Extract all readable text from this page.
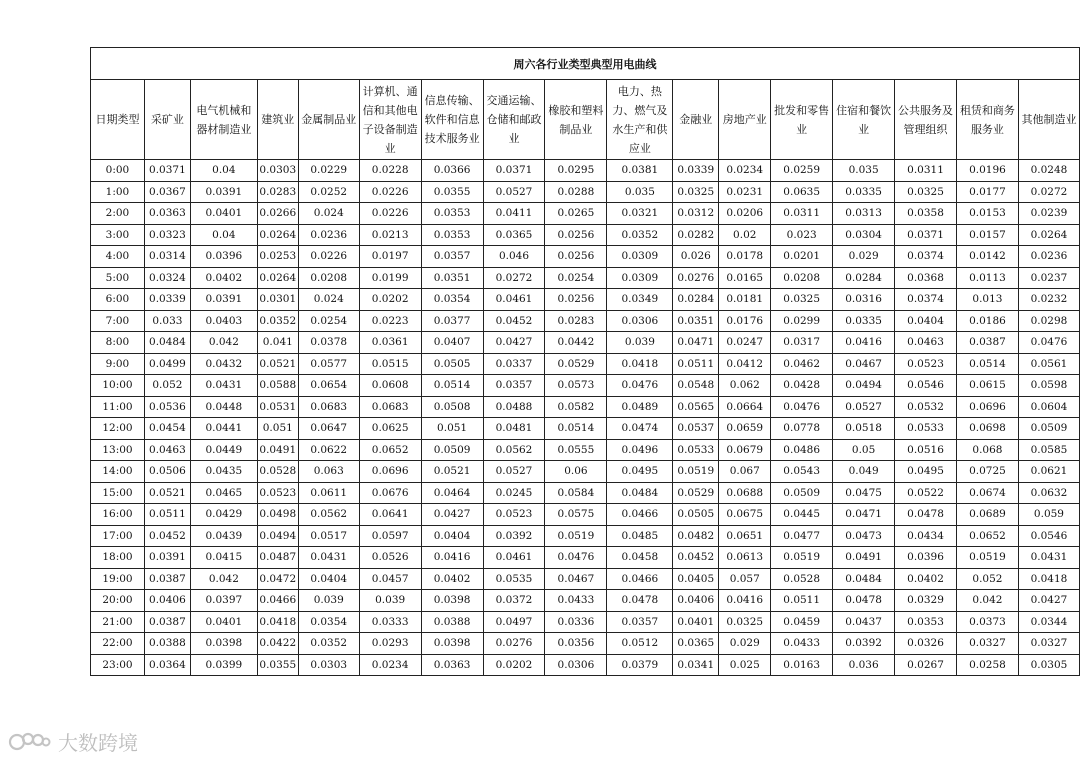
周六各行业类型典型用电曲线																
日期类型	采矿业	电气机械和器材制造业	建筑业	金属制品业	计算机、通信和其他电子设备制造业	信息传输、软件和信息技术服务业	交通运输、仓储和邮政业	橡胶和塑料制品业	电力、热力、燃气及水生产和供应业	金融业	房地产业	批发和零售业	住宿和餐饮业	公共服务及管理组织	租赁和商务服务业	其他制造业
0:00	0.0371	0.04	0.0303	0.0229	0.0228	0.0366	0.0371	0.0295	0.0381	0.0339	0.0234	0.0259	0.035	0.0311	0.0196	0.0248
1:00	0.0367	0.0391	0.0283	0.0252	0.0226	0.0355	0.0527	0.0288	0.035	0.0325	0.0231	0.0635	0.0335	0.0325	0.0177	0.0272
2:00	0.0363	0.0401	0.0266	0.024	0.0226	0.0353	0.0411	0.0265	0.0321	0.0312	0.0206	0.0311	0.0313	0.0358	0.0153	0.0239
3:00	0.0323	0.04	0.0264	0.0236	0.0213	0.0353	0.0365	0.0256	0.0352	0.0282	0.02	0.023	0.0304	0.0371	0.0157	0.0264
4:00	0.0314	0.0396	0.0253	0.0226	0.0197	0.0357	0.046	0.0256	0.0309	0.026	0.0178	0.0201	0.029	0.0374	0.0142	0.0236
5:00	0.0324	0.0402	0.0264	0.0208	0.0199	0.0351	0.0272	0.0254	0.0309	0.0276	0.0165	0.0208	0.0284	0.0368	0.0113	0.0237
6:00	0.0339	0.0391	0.0301	0.024	0.0202	0.0354	0.0461	0.0256	0.0349	0.0284	0.0181	0.0325	0.0316	0.0374	0.013	0.0232
7:00	0.033	0.0403	0.0352	0.0254	0.0223	0.0377	0.0452	0.0283	0.0306	0.0351	0.0176	0.0299	0.0335	0.0404	0.0186	0.0298
8:00	0.0484	0.042	0.041	0.0378	0.0361	0.0407	0.0427	0.0442	0.039	0.0471	0.0247	0.0317	0.0416	0.0463	0.0387	0.0476
9:00	0.0499	0.0432	0.0521	0.0577	0.0515	0.0505	0.0337	0.0529	0.0418	0.0511	0.0412	0.0462	0.0467	0.0523	0.0514	0.0561
10:00	0.052	0.0431	0.0588	0.0654	0.0608	0.0514	0.0357	0.0573	0.0476	0.0548	0.062	0.0428	0.0494	0.0546	0.0615	0.0598
11:00	0.0536	0.0448	0.0531	0.0683	0.0683	0.0508	0.0488	0.0582	0.0489	0.0565	0.0664	0.0476	0.0527	0.0532	0.0696	0.0604
12:00	0.0454	0.0441	0.051	0.0647	0.0625	0.051	0.0481	0.0514	0.0474	0.0537	0.0659	0.0778	0.0518	0.0533	0.0698	0.0509
13:00	0.0463	0.0449	0.0491	0.0622	0.0652	0.0509	0.0562	0.0555	0.0496	0.0533	0.0679	0.0486	0.05	0.0516	0.068	0.0585
14:00	0.0506	0.0435	0.0528	0.063	0.0696	0.0521	0.0527	0.06	0.0495	0.0519	0.067	0.0543	0.049	0.0495	0.0725	0.0621
15:00	0.0521	0.0465	0.0523	0.0611	0.0676	0.0464	0.0245	0.0584	0.0484	0.0529	0.0688	0.0509	0.0475	0.0522	0.0674	0.0632
16:00	0.0511	0.0429	0.0498	0.0562	0.0641	0.0427	0.0523	0.0575	0.0466	0.0505	0.0675	0.0445	0.0471	0.0478	0.0689	0.059
17:00	0.0452	0.0439	0.0494	0.0517	0.0597	0.0404	0.0392	0.0519	0.0485	0.0482	0.0651	0.0477	0.0473	0.0434	0.0652	0.0546
18:00	0.0391	0.0415	0.0487	0.0431	0.0526	0.0416	0.0461	0.0476	0.0458	0.0452	0.0613	0.0519	0.0491	0.0396	0.0519	0.0431
19:00	0.0387	0.042	0.0472	0.0404	0.0457	0.0402	0.0535	0.0467	0.0466	0.0405	0.057	0.0528	0.0484	0.0402	0.052	0.0418
20:00	0.0406	0.0397	0.0466	0.039	0.039	0.0398	0.0372	0.0433	0.0478	0.0406	0.0416	0.0511	0.0478	0.0329	0.042	0.0427
21:00	0.0387	0.0401	0.0418	0.0354	0.0333	0.0388	0.0497	0.0336	0.0357	0.0401	0.0325	0.0459	0.0437	0.0353	0.0373	0.0344
22:00	0.0388	0.0398	0.0422	0.0352	0.0293	0.0398	0.0276	0.0356	0.0512	0.0365	0.029	0.0433	0.0392	0.0326	0.0327	0.0327
23:00	0.0364	0.0399	0.0355	0.0303	0.0234	0.0363	0.0202	0.0306	0.0379	0.0341	0.025	0.0163	0.036	0.0267	0.0258	0.0305
大数跨境
